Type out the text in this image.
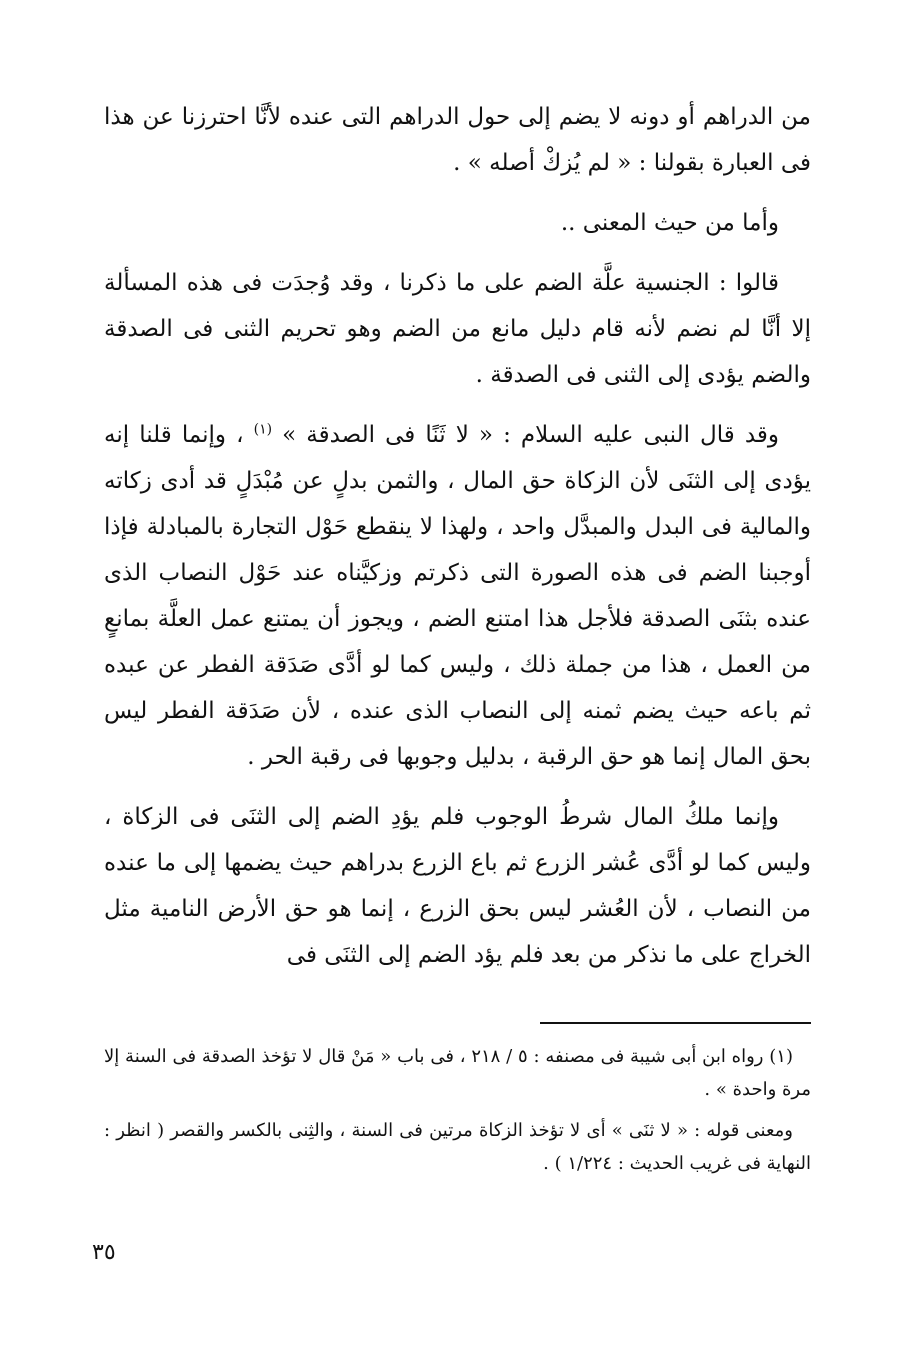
من الدراهم أو دونه لا يضم إلى حول الدراهم التى عنده لأنَّا احترزنا عن هذا فى العبارة بقولنا : « لم يُزكْ أصله » .

وأما من حيث المعنى ..

قالوا : الجنسية علَّة الضم على ما ذكرنا ، وقد وُجدَت فى هذه المسألة إلا أنَّا لم نضم لأنه قام دليل مانع من الضم وهو تحريم الثنى فى الصدقة والضم يؤدى إلى الثنى فى الصدقة .

وقد قال النبى عليه السلام : « لا ثَنًا فى الصدقة » $^{(١)}$ ، وإنما قلنا إنه يؤدى إلى الثنَى لأن الزكاة حق المال ، والثمن بدلٍ عن مُبْدَلٍ قد أدى زكاته والمالية فى البدل والمبدَّل واحد ، ولهذا لا ينقطع حَوْل التجارة بالمبادلة فإذا أوجبنا الضم فى هذه الصورة التى ذكرتم وزكيَّناه عند حَوْل النصاب الذى عنده بثنَى الصدقة فلأجل هذا امتنع الضم ، ويجوز أن يمتنع عمل العلَّة بمانعٍ من العمل ، هذا من جملة ذلك ، وليس كما لو أدَّى صَدَقة الفطر عن عبده ثم باعه حيث يضم ثمنه إلى النصاب الذى عنده ، لأن صَدَقة الفطر ليس بحق المال إنما هو حق الرقبة ، بدليل وجوبها فى رقبة الحر .

وإنما ملكُ المال شرطُ الوجوب فلم يؤدِ الضم إلى الثنَى فى الزكاة ، وليس كما لو أدَّى عُشر الزرع ثم باع الزرع بدراهم حيث يضمها إلى ما عنده من النصاب ، لأن العُشر ليس بحق الزرع ، إنما هو حق الأرض النامية مثل الخراج على ما نذكر من بعد فلم يؤد الضم إلى الثنَى فى

(١) رواه ابن أبى شيبة فى مصنفه : ٥ / ٢١٨ ، فى باب « مَنْ قال لا تؤخذ الصدقة فى السنة إلا مرة واحدة » .

ومعنى قوله : « لا ثنَى » أى لا تؤخذ الزكاة مرتين فى السنة ، والثِنى بالكسر والقصر ( انظر : النهاية فى غريب الحديث : ١/٢٢٤ ) .

٣٥
